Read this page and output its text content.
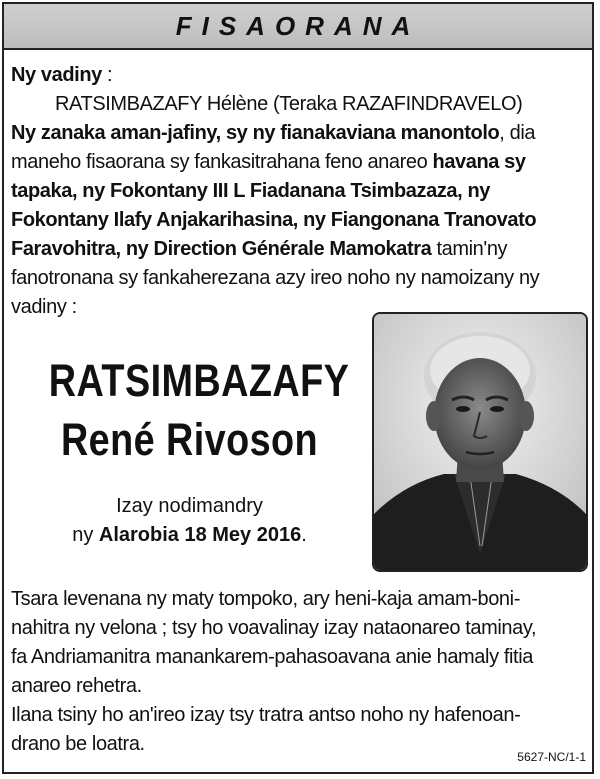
FISAORANA

Ny vadiny :

RATSIMBAZAFY Hélène (Teraka RAZAFINDRAVELO)

Ny zanaka aman-jafiny, sy ny fianakaviana manontolo, dia

maneho fisaorana sy fankasitrahana feno anareo havana sy

tapaka, ny Fokontany III L Fiadanana Tsimbazaza, ny

Fokontany Ilafy Anjakarihasina, ny Fiangonana Tranovato

Faravohitra, ny Direction Générale Mamokatra tamin'ny

fanotronana sy fankaherezana azy ireo noho ny namoizany ny

vadiny :

RATSIMBAZAFY
René Rivoson
Izay nodimandry
ny Alarobia 18 Mey 2016.

Tsara levenana ny maty tompoko, ary heni-kaja amam-boni-

nahitra ny velona ; tsy ho voavalinay izay nataonareo taminay,

fa Andriamanitra manankarem-pahasoavana anie hamaly fitia

anareo rehetra.

Ilana tsiny ho an'ireo izay tsy tratra antso noho ny hafenoan-

drano be loatra.

5627-NC/1-1
